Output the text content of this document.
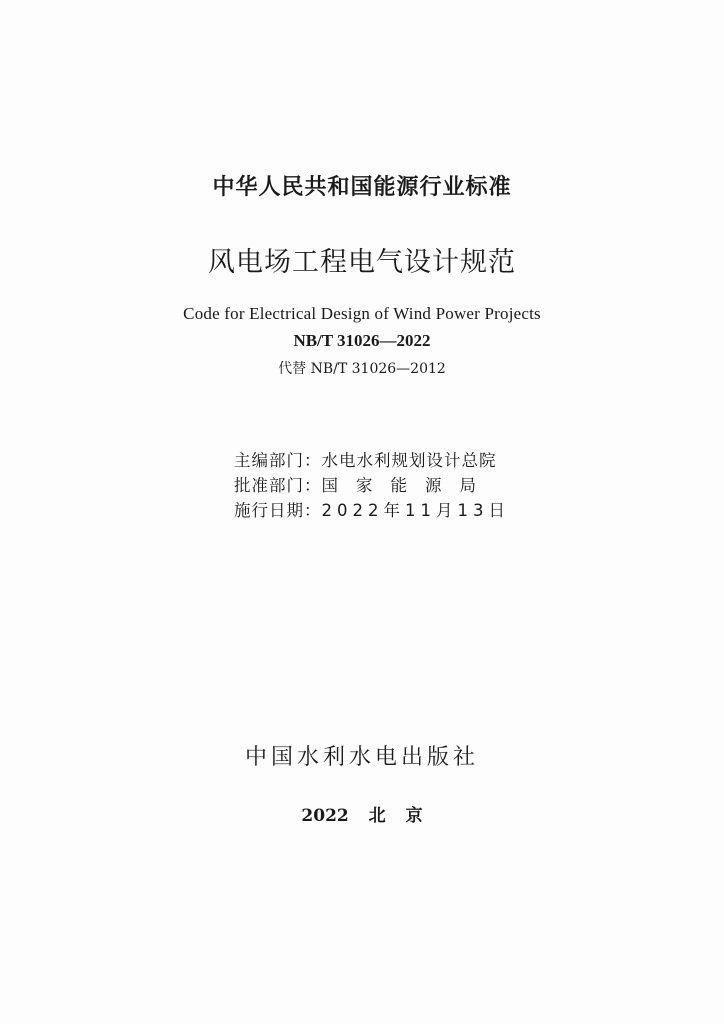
中华人民共和国能源行业标准
风电场工程电气设计规范
Code for Electrical Design of Wind Power Projects
NB/T 31026—2022
代替 NB/T 31026—2012
主编部门：水电水利规划设计总院
批准部门：国家能源局
施行日期：2022年11月13日
中国水利水电出版社
2022 北 京
